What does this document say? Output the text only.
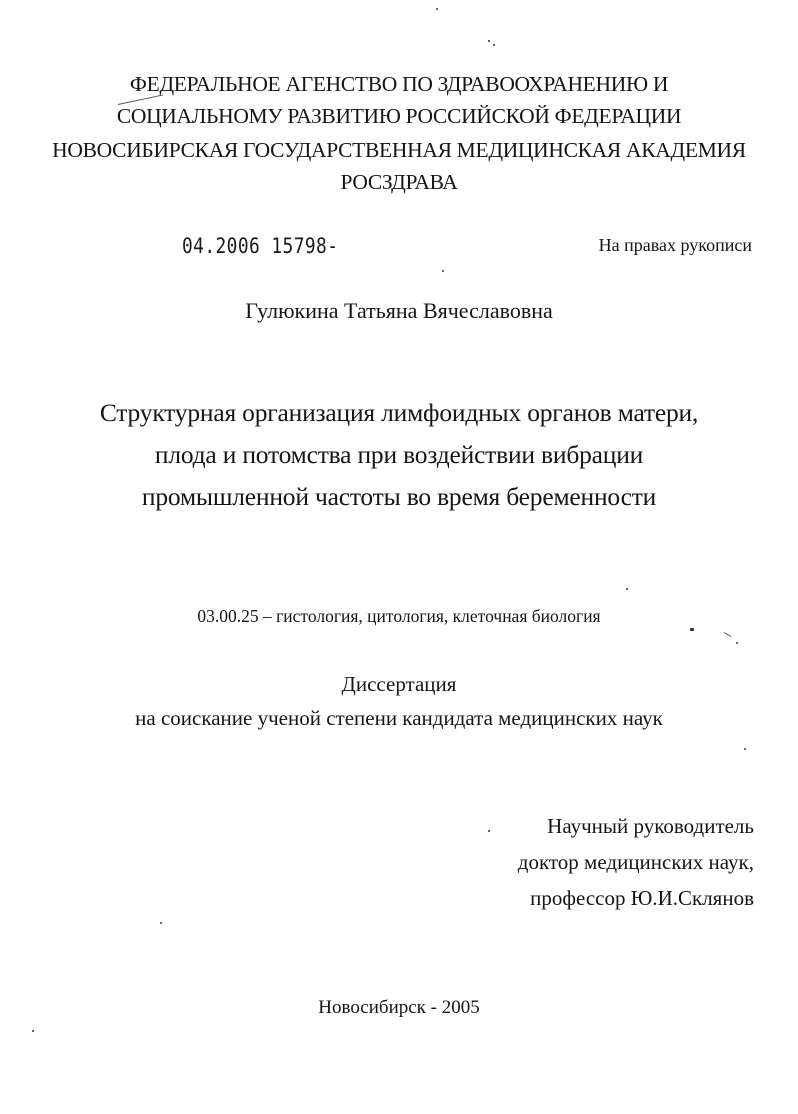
ФЕДЕРАЛЬНОЕ АГЕНСТВО ПО ЗДРАВООХРАНЕНИЮ И
СОЦИАЛЬНОМУ РАЗВИТИЮ РОССИЙСКОЙ ФЕДЕРАЦИИ
НОВОСИБИРСКАЯ ГОСУДАРСТВЕННАЯ МЕДИЦИНСКАЯ АКАДЕМИЯ
РОСЗДРАВА
04.2006 15798-	На правах рукописи
Гулюкина Татьяна Вячеславовна
Структурная организация лимфоидных органов матери,
плода и потомства при воздействии вибрации
промышленной частоты во время беременности
03.00.25 – гистология, цитология, клеточная биология
Диссертация
на соискание ученой степени кандидата медицинских наук
Научный руководитель
доктор медицинских наук,
профессор Ю.И.Склянов
Новосибирск - 2005
